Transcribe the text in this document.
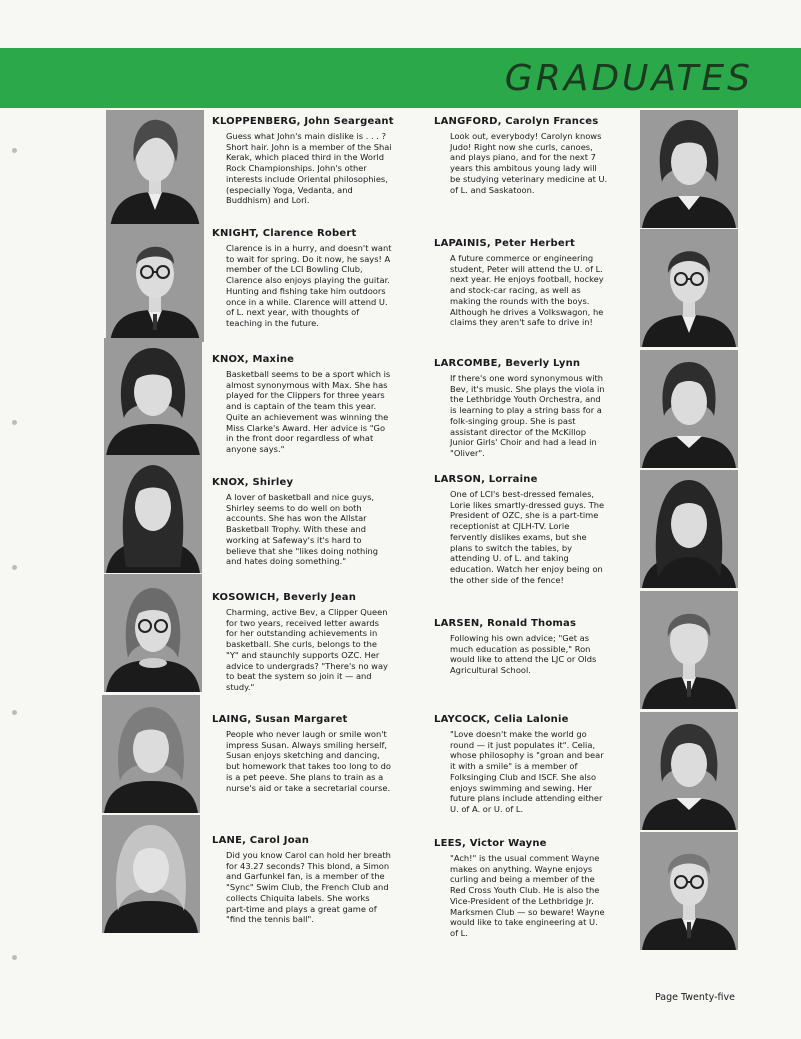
GRADUATES
KLOPPENBERG, John Seargeant
Guess what John's main dislike is . . . ? Short hair. John is a member of the Shai Kerak, which placed third in the World Rock Championships. John's other interests include Oriental philosophies, (especially Yoga, Vedanta, and Buddhism) and Lori.
KNIGHT, Clarence Robert
Clarence is in a hurry, and doesn't want to wait for spring. Do it now, he says! A member of the LCI Bowling Club, Clarence also enjoys playing the guitar. Hunting and fishing take him outdoors once in a while. Clarence will attend U. of L. next year, with thoughts of teaching in the future.
KNOX, Maxine
Basketball seems to be a sport which is almost synonymous with Max. She has played for the Clippers for three years and is captain of the team this year. Quite an achievement was winning the Miss Clarke's Award. Her advice is "Go in the front door regardless of what anyone says."
KNOX, Shirley
A lover of basketball and nice guys, Shirley seems to do well on both accounts. She has won the Allstar Basketball Trophy. With these and working at Safeway's it's hard to believe that she "likes doing nothing and hates doing something."
KOSOWICH, Beverly Jean
Charming, active Bev, a Clipper Queen for two years, received letter awards for her outstanding achievements in basketball. She curls, belongs to the "Y" and staunchly supports OZC. Her advice to undergrads? "There's no way to beat the system so join it — and study."
LAING, Susan Margaret
People who never laugh or smile won't impress Susan. Always smiling herself, Susan enjoys sketching and dancing, but homework that takes too long to do is a pet peeve. She plans to train as a nurse's aid or take a secretarial course.
LANE, Carol Joan
Did you know Carol can hold her breath for 43.27 seconds? This blond, a Simon and Garfunkel fan, is a member of the "Sync" Swim Club, the French Club and collects Chiquita labels. She works part-time and plays a great game of "find the tennis ball".
LANGFORD, Carolyn Frances
Look out, everybody! Carolyn knows Judo! Right now she curls, canoes, and plays piano, and for the next 7 years this ambitous young lady will be studying veterinary medicine at U. of L. and Saskatoon.
LAPAINIS, Peter Herbert
A future commerce or engineering student, Peter will attend the U. of L. next year. He enjoys football, hockey and stock-car racing, as well as making the rounds with the boys. Although he drives a Volkswagon, he claims they aren't safe to drive in!
LARCOMBE, Beverly Lynn
If there's one word synonymous with Bev, it's music. She plays the viola in the Lethbridge Youth Orchestra, and is learning to play a string bass for a folk-singing group. She is past assistant director of the McKillop Junior Girls' Choir and had a lead in "Oliver".
LARSON, Lorraine
One of LCI's best-dressed females, Lorie likes smartly-dressed guys. The President of OZC, she is a part-time receptionist at CJLH-TV. Lorie fervently dislikes exams, but she plans to switch the tables, by attending U. of L. and taking education. Watch her enjoy being on the other side of the fence!
LARSEN, Ronald Thomas
Following his own advice; "Get as much education as possible," Ron would like to attend the LJC or Olds Agricultural School.
LAYCOCK, Celia Lalonie
"Love doesn't make the world go round — it just populates it". Celia, whose philosophy is "groan and bear it with a smile" is a member of Folksinging Club and ISCF. She also enjoys swimming and sewing. Her future plans include attending either U. of A. or U. of L.
LEES, Victor Wayne
"Ach!" is the usual comment Wayne makes on anything. Wayne enjoys curling and being a member of the Red Cross Youth Club. He is also the Vice-President of the Lethbridge Jr. Marksmen Club — so beware! Wayne would like to take engineering at U. of L.
Page Twenty-five
